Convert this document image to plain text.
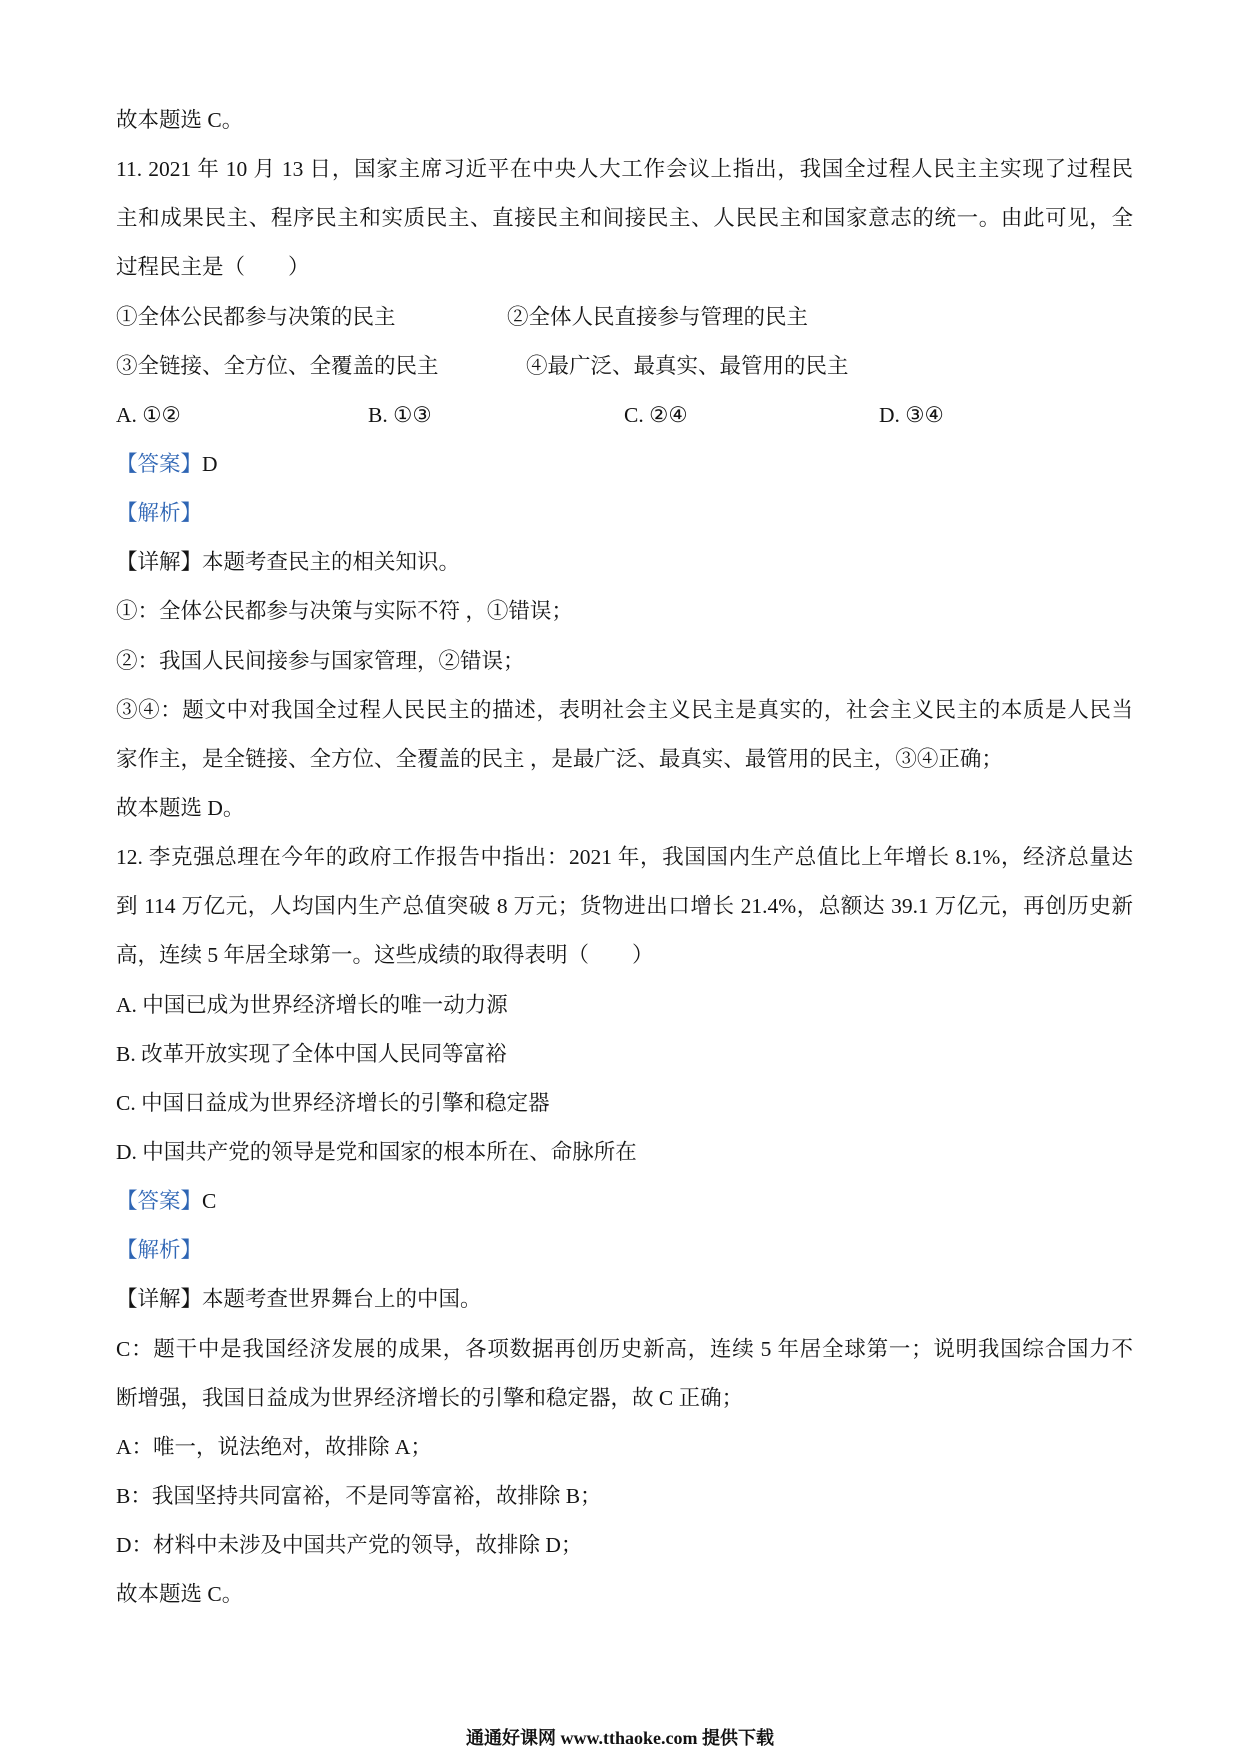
故本题选 C。
11. 2021 年 10 月 13 日，国家主席习近平在中央人大工作会议上指出，我国全过程人民主主实现了过程民
主和成果民主、程序民主和实质民主、直接民主和间接民主、人民民主和国家意志的统一。由此可见，全
过程民主是（　　）
①全体公民都参与决策的民主	②全体人民直接参与管理的民主
③全链接、全方位、全覆盖的民主	④最广泛、最真实、最管用的民主
A. ①②	B. ①③	C. ②④	D. ③④
【答案】D
【解析】
【详解】本题考查民主的相关知识。
①：全体公民都参与决策与实际不符 ，①错误；
②：我国人民间接参与国家管理，②错误；
③④：题文中对我国全过程人民民主的描述，表明社会主义民主是真实的，社会主义民主的本质是人民当
家作主，是全链接、全方位、全覆盖的民主 ，是最广泛、最真实、最管用的民主，③④正确；
故本题选 D。
12. 李克强总理在今年的政府工作报告中指出：2021 年，我国国内生产总值比上年增长 8.1%，经济总量达
到 114 万亿元，人均国内生产总值突破 8 万元；货物进出口增长 21.4%，总额达 39.1 万亿元，再创历史新
高，连续 5 年居全球第一。这些成绩的取得表明（　　）
A. 中国已成为世界经济增长的唯一动力源
B. 改革开放实现了全体中国人民同等富裕
C. 中国日益成为世界经济增长的引擎和稳定器
D. 中国共产党的领导是党和国家的根本所在、命脉所在
【答案】C
【解析】
【详解】本题考查世界舞台上的中国。
C：题干中是我国经济发展的成果，各项数据再创历史新高，连续 5 年居全球第一；说明我国综合国力不
断增强，我国日益成为世界经济增长的引擎和稳定器，故 C 正确；
A：唯一，说法绝对，故排除 A；
B：我国坚持共同富裕，不是同等富裕，故排除 B；
D：材料中未涉及中国共产党的领导，故排除 D；
故本题选 C。
通通好课网 www.tthaoke.com 提供下载
